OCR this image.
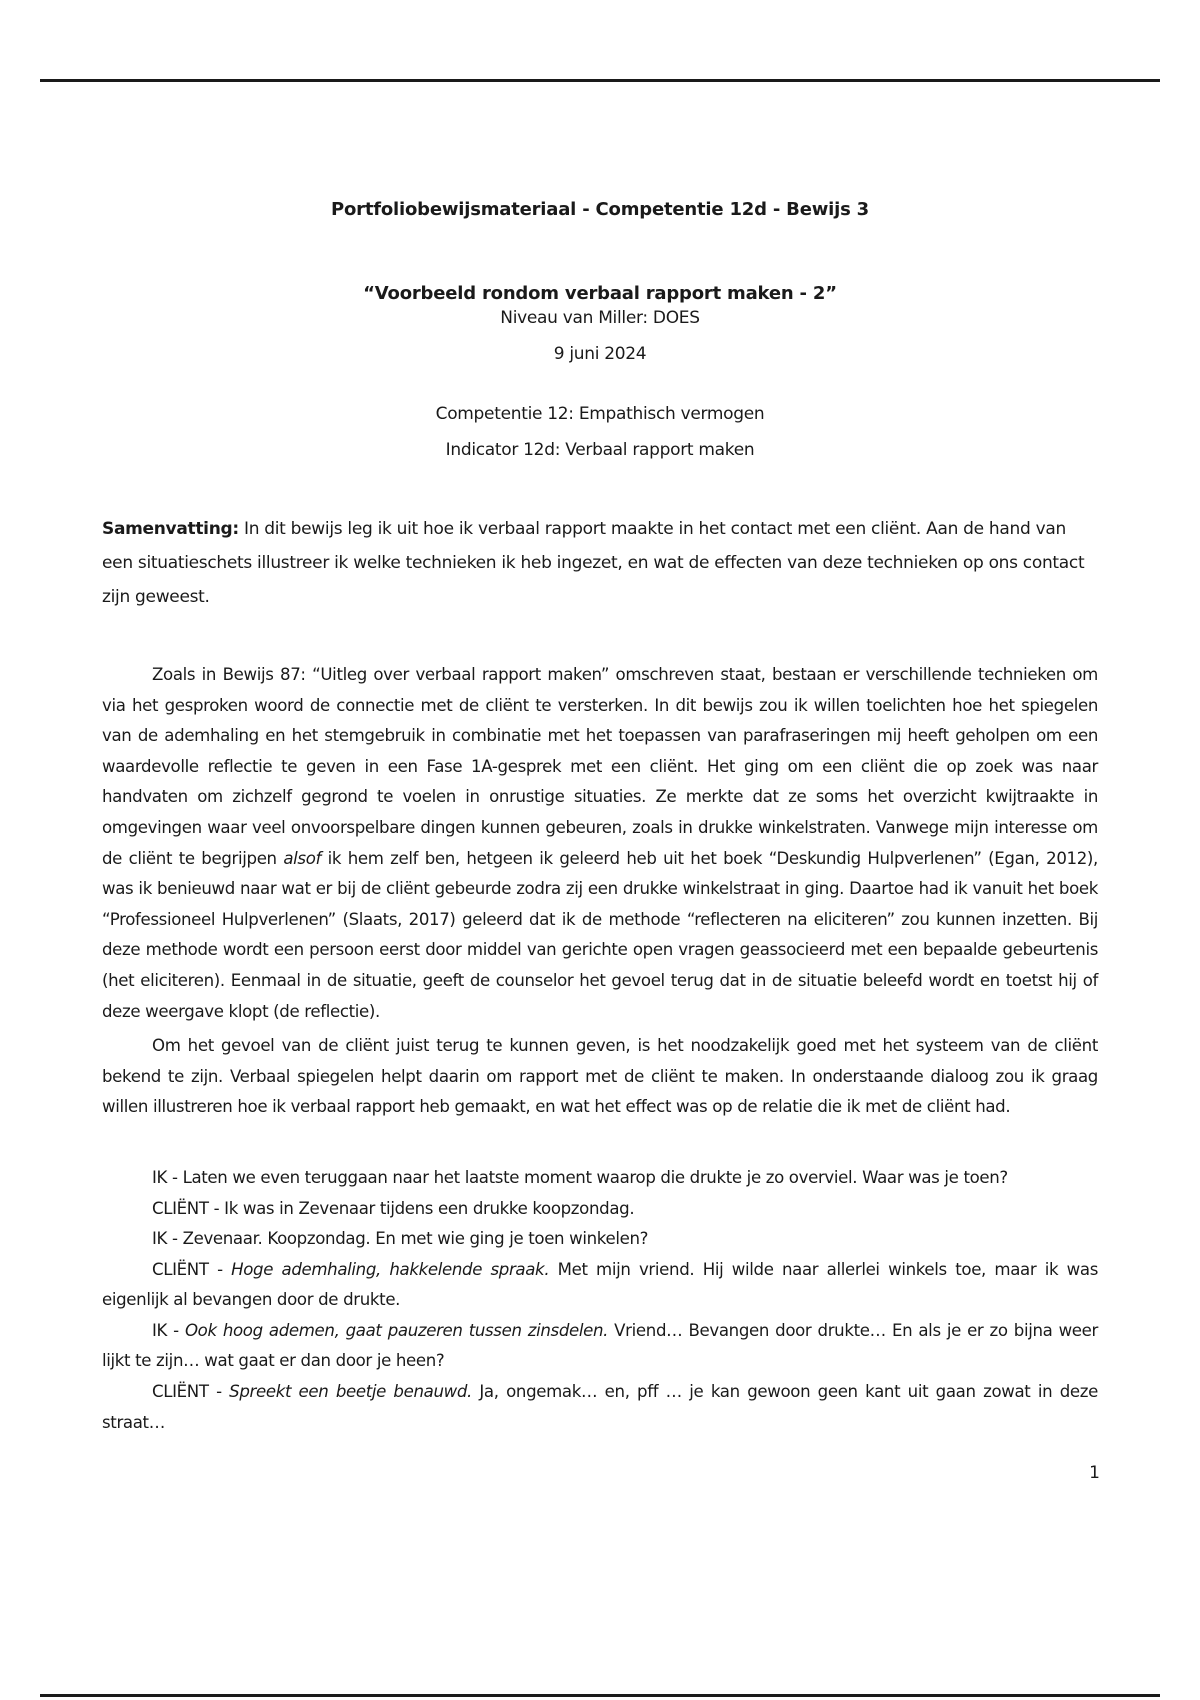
Portfoliobewijsmateriaal - Competentie 12d - Bewijs 3

“Voorbeeld rondom verbaal rapport maken - 2”

Niveau van Miller: DOES
9 juni 2024
Competentie 12: Empathisch vermogen
Indicator 12d: Verbaal rapport maken
Samenvatting: In dit bewijs leg ik uit hoe ik verbaal rapport maakte in het contact met een cliënt. Aan de hand van een situatieschets illustreer ik welke technieken ik heb ingezet, en wat de effecten van deze technieken op ons contact zijn geweest.

Zoals in Bewijs 87: “Uitleg over verbaal rapport maken” omschreven staat, bestaan er verschillende technieken om via het gesproken woord de connectie met de cliënt te versterken. In dit bewijs zou ik willen toelichten hoe het spiegelen van de ademhaling en het stemgebruik in combinatie met het toepassen van parafraseringen mij heeft geholpen om een waardevolle reflectie te geven in een Fase 1A-gesprek met een cliënt. Het ging om een cliënt die op zoek was naar handvaten om zichzelf gegrond te voelen in onrustige situaties. Ze merkte dat ze soms het overzicht kwijtraakte in omgevingen waar veel onvoorspelbare dingen kunnen gebeuren, zoals in drukke winkelstraten. Vanwege mijn interesse om de cliënt te begrijpen alsof ik hem zelf ben, hetgeen ik geleerd heb uit het boek “Deskundig Hulpverlenen” (Egan, 2012), was ik benieuwd naar wat er bij de cliënt gebeurde zodra zij een drukke winkelstraat in ging. Daartoe had ik vanuit het boek “Professioneel Hulpverlenen” (Slaats, 2017) geleerd dat ik de methode “reflecteren na eliciteren” zou kunnen inzetten. Bij deze methode wordt een persoon eerst door middel van gerichte open vragen geassocieerd met een bepaalde gebeurtenis (het eliciteren). Eenmaal in de situatie, geeft de counselor het gevoel terug dat in de situatie beleefd wordt en toetst hij of deze weergave klopt (de reflectie).

Om het gevoel van de cliënt juist terug te kunnen geven, is het noodzakelijk goed met het systeem van de cliënt bekend te zijn. Verbaal spiegelen helpt daarin om rapport met de cliënt te maken. In onderstaande dialoog zou ik graag willen illustreren hoe ik verbaal rapport heb gemaakt, en wat het effect was op de relatie die ik met de cliënt had.

IK - Laten we even teruggaan naar het laatste moment waarop die drukte je zo overviel. Waar was je toen?

CLIËNT - Ik was in Zevenaar tijdens een drukke koopzondag.

IK - Zevenaar. Koopzondag. En met wie ging je toen winkelen?

CLIËNT - Hoge ademhaling, hakkelende spraak. Met mijn vriend. Hij wilde naar allerlei winkels toe, maar ik was eigenlijk al bevangen door de drukte.

IK - Ook hoog ademen, gaat pauzeren tussen zinsdelen. Vriend… Bevangen door drukte… En als je er zo bijna weer lijkt te zijn… wat gaat er dan door je heen?

CLIËNT - Spreekt een beetje benauwd. Ja, ongemak… en, pff … je kan gewoon geen kant uit gaan zowat in deze straat…

1
